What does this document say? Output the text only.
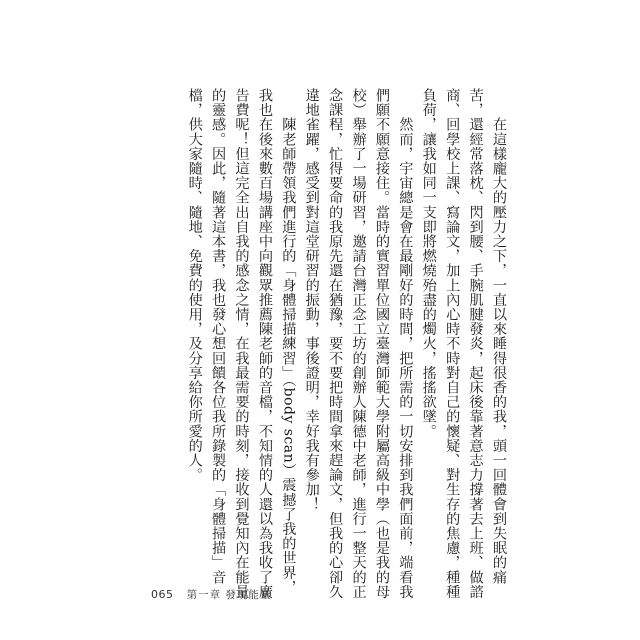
　　在這樣龐大的壓力之下，一直以來睡得很香的我，頭一回體會到失眠的痛苦，還經常落枕、閃到腰、手腕肌腱發炎，起床後靠著意志力撐著去上班、做諮商、回學校上課、寫論文，加上內心時不時對自己的懷疑、對生存的焦慮，種種負荷，讓我如同一支即將燃燒殆盡的燭火，搖搖欲墜。

　　然而，宇宙總是會在最剛好的時間，把所需的一切安排到我們面前，端看我們願不願意接住。當時的實習單位國立臺灣師範大學附屬高級中學（也是我的母校）舉辦了一場研習，邀請台灣正念工坊的創辦人陳德中老師，進行一整天的正念課程，忙得要命的我原先還在猶豫，要不要把時間拿來趕論文，但我的心卻久違地雀躍，感受到對這堂研習的振動，事後證明，幸好我有參加！

　　陳老師帶領我們進行的「身體掃描練習」（body scan）震撼了我的世界，我也在後來數百場講座中向觀眾推薦陳老師的音檔，不知情的人還以為我收了廣告費呢！但這完全出自我的感念之情，在我最需要的時刻，接收到覺知內在能量的靈感。因此，隨著這本書，我也發心想回饋各位我所錄製的「身體掃描」音檔，供大家隨時、隨地、免費的使用，及分享給你所愛的人。

065 第一章 發現能量
